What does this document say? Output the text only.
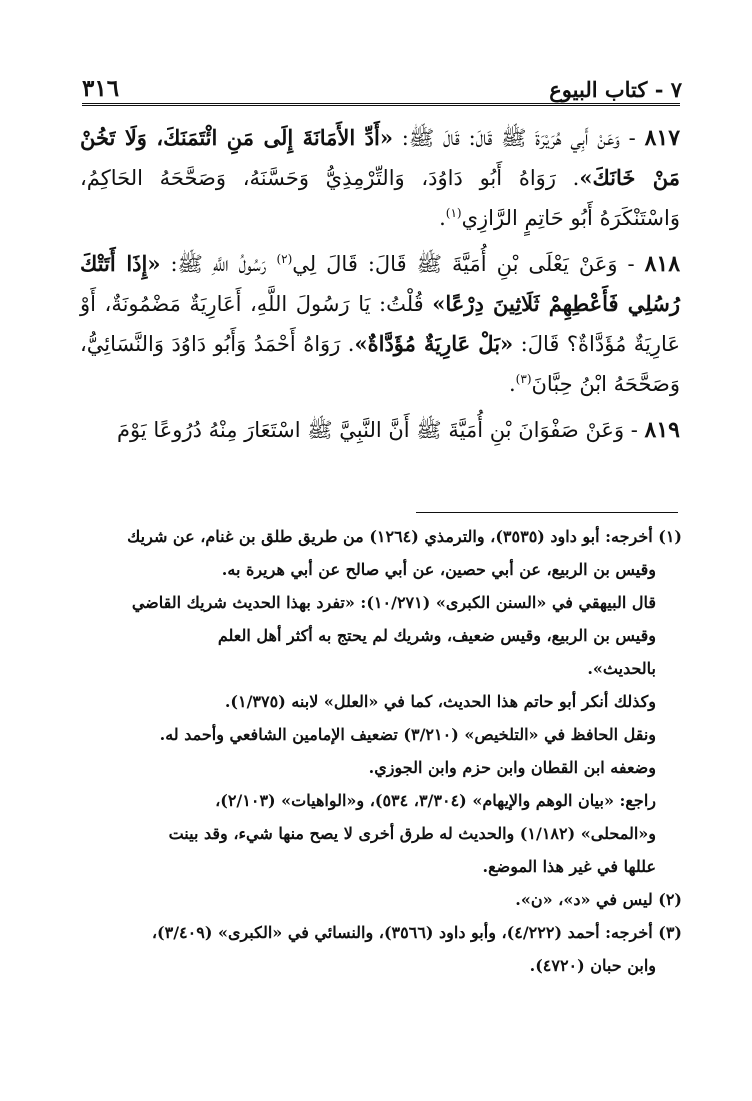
٣١٦	٧ - كتاب البيوع

٨١٧ - وَعَنْ أَبِي هُرَيْرَةَ ﷺ قَالَ: قَالَ ﷺ: «أَدِّ الأَمَانَةَ إِلَى مَنِ ائْتَمَنَكَ، وَلَا تَخُنْ مَنْ خَانَكَ». رَوَاهُ أَبُو دَاوُدَ، وَالتِّرْمِذِيُّ وَحَسَّنَهُ، وَصَحَّحَهُ الحَاكِمُ، وَاسْتَنْكَرَهُ أَبُو حَاتِمٍ الرَّازِي$^{(١)}$.

٨١٨ - وَعَنْ يَعْلَى بْنِ أُمَيَّةَ ﷺ قَالَ: قَالَ لِي$^{(٢)}$ رَسُولُ اللَّهِ ﷺ: «إِذَا أَتَتْكَ رُسُلِي فَأَعْطِهِمْ ثَلَاثِينَ دِرْعًا» قُلْتُ: يَا رَسُولَ اللَّهِ، أَعَارِيَةٌ مَضْمُونَةٌ، أَوْ عَارِيَةٌ مُؤَدَّاةٌ؟ قَالَ: «بَلْ عَارِيَةٌ مُؤَدَّاةٌ». رَوَاهُ أَحْمَدُ وَأَبُو دَاوُدَ وَالنَّسَائِيُّ، وَصَحَّحَهُ ابْنُ حِبَّانَ$^{(٣)}$.

٨١٩ - وَعَنْ صَفْوَانَ بْنِ أُمَيَّةَ ﷺ أَنَّ النَّبِيَّ ﷺ اسْتَعَارَ مِنْهُ دُرُوعًا يَوْمَ

(١) أخرجه: أبو داود (٣٥٣٥)، والترمذي (١٢٦٤) من طريق طلق بن غنام، عن شريك

وقيس بن الربيع، عن أبي حصين، عن أبي صالح عن أبي هريرة به.

قال البيهقي في «السنن الكبرى» (١٠/٢٧١): «تفرد بهذا الحديث شريك القاضي

وقيس بن الربيع، وقيس ضعيف، وشريك لم يحتج به أكثر أهل العلم

بالحديث».

وكذلك أنكر أبو حاتم هذا الحديث، كما في «العلل» لابنه (١/٣٧٥).

ونقل الحافظ في «التلخيص» (٣/٢١٠) تضعيف الإمامين الشافعي وأحمد له.

وضعفه ابن القطان وابن حزم وابن الجوزي.

راجع: «بيان الوهم والإيهام» (٣/٣٠٤، ٥٣٤)، و«الواهيات» (٢/١٠٣)،

و«المحلى» (١/١٨٢) والحديث له طرق أخرى لا يصح منها شيء، وقد بينت

عللها في غير هذا الموضع.

(٢) ليس في «د»، «ن».

(٣) أخرجه: أحمد (٤/٢٢٢)، وأبو داود (٣٥٦٦)، والنسائي في «الكبرى» (٣/٤٠٩)،

وابن حبان (٤٧٢٠).
